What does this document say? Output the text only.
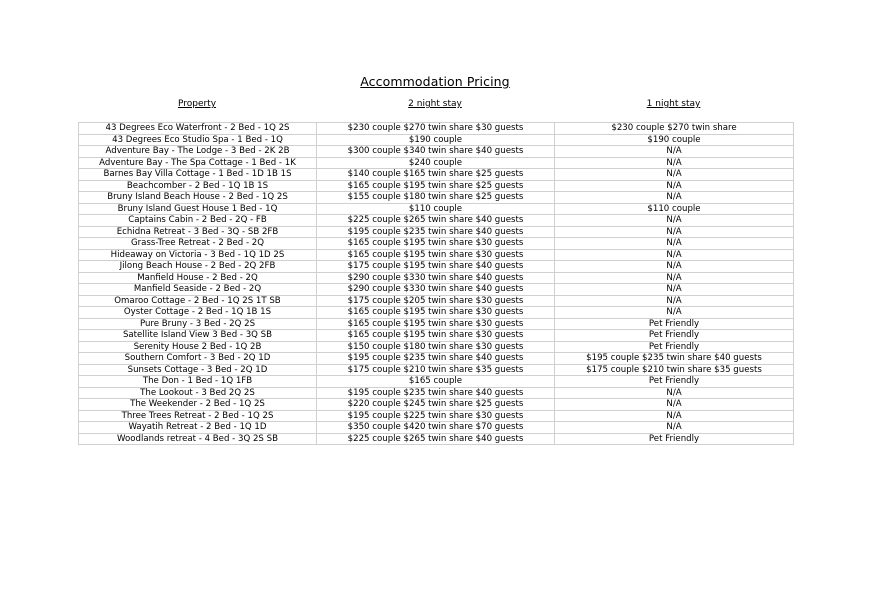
Accommodation Pricing
Property	2 night stay	1 night stay
43 Degrees Eco Waterfront - 2 Bed - 1Q 2S	$230 couple $270 twin share $30 guests	$230 couple $270 twin share
43 Degrees Eco Studio Spa - 1 Bed - 1Q	$190 couple	$190 couple
Adventure Bay - The Lodge - 3 Bed - 2K 2B	$300 couple $340 twin share $40 guests	N/A
Adventure Bay - The Spa Cottage - 1 Bed - 1K	$240 couple	N/A
Barnes Bay Villa Cottage - 1 Bed - 1D 1B 1S	$140 couple $165 twin share $25 guests	N/A
Beachcomber - 2 Bed - 1Q 1B 1S	$165 couple $195 twin share $25 guests	N/A
Bruny Island Beach House - 2 Bed - 1Q 2S	$155 couple $180 twin share $25 guests	N/A
Bruny Island Guest House 1 Bed - 1Q	$110 couple	$110 couple
Captains Cabin - 2 Bed - 2Q - FB	$225 couple $265 twin share $40 guests	N/A
Echidna Retreat - 3 Bed - 3Q - SB 2FB	$195 couple $235 twin share $40 guests	N/A
Grass-Tree Retreat - 2 Bed - 2Q	$165 couple $195 twin share $30 guests	N/A
Hideaway on Victoria - 3 Bed - 1Q 1D 2S	$165 couple $195 twin share $30 guests	N/A
Jilong Beach House - 2 Bed - 2Q 2FB	$175 couple $195 twin share $40 guests	N/A
Manfield House - 2 Bed - 2Q	$290 couple $330 twin share $40 guests	N/A
Manfield Seaside - 2 Bed - 2Q	$290 couple $330 twin share $40 guests	N/A
Omaroo Cottage - 2 Bed - 1Q 2S 1T SB	$175 couple $205 twin share $30 guests	N/A
Oyster Cottage - 2 Bed - 1Q 1B 1S	$165 couple $195 twin share $30 guests	N/A
Pure Bruny - 3 Bed - 2Q 2S	$165 couple $195 twin share $30 guests	Pet Friendly
Satellite Island View 3 Bed - 3Q SB	$165 couple $195 twin share $30 guests	Pet Friendly
Serenity House 2 Bed - 1Q 2B	$150 couple $180 twin share $30 guests	Pet Friendly
Southern Comfort - 3 Bed - 2Q 1D	$195 couple $235 twin share $40 guests	$195 couple $235 twin share $40 guests
Sunsets Cottage - 3 Bed - 2Q 1D	$175 couple $210 twin share $35 guests	$175 couple $210 twin share $35 guests
The Don - 1 Bed - 1Q 1FB	$165 couple	Pet Friendly
The Lookout - 3 Bed 2Q 2S	$195 couple $235 twin share $40 guests	N/A
The Weekender - 2 Bed - 1Q 2S	$220 couple $245 twin share $25 guests	N/A
Three Trees Retreat - 2 Bed - 1Q 2S	$195 couple $225 twin share $30 guests	N/A
Wayatih Retreat - 2 Bed - 1Q 1D	$350 couple $420 twin share $70 guests	N/A
Woodlands retreat - 4 Bed - 3Q 2S SB	$225 couple $265 twin share $40 guests	Pet Friendly
